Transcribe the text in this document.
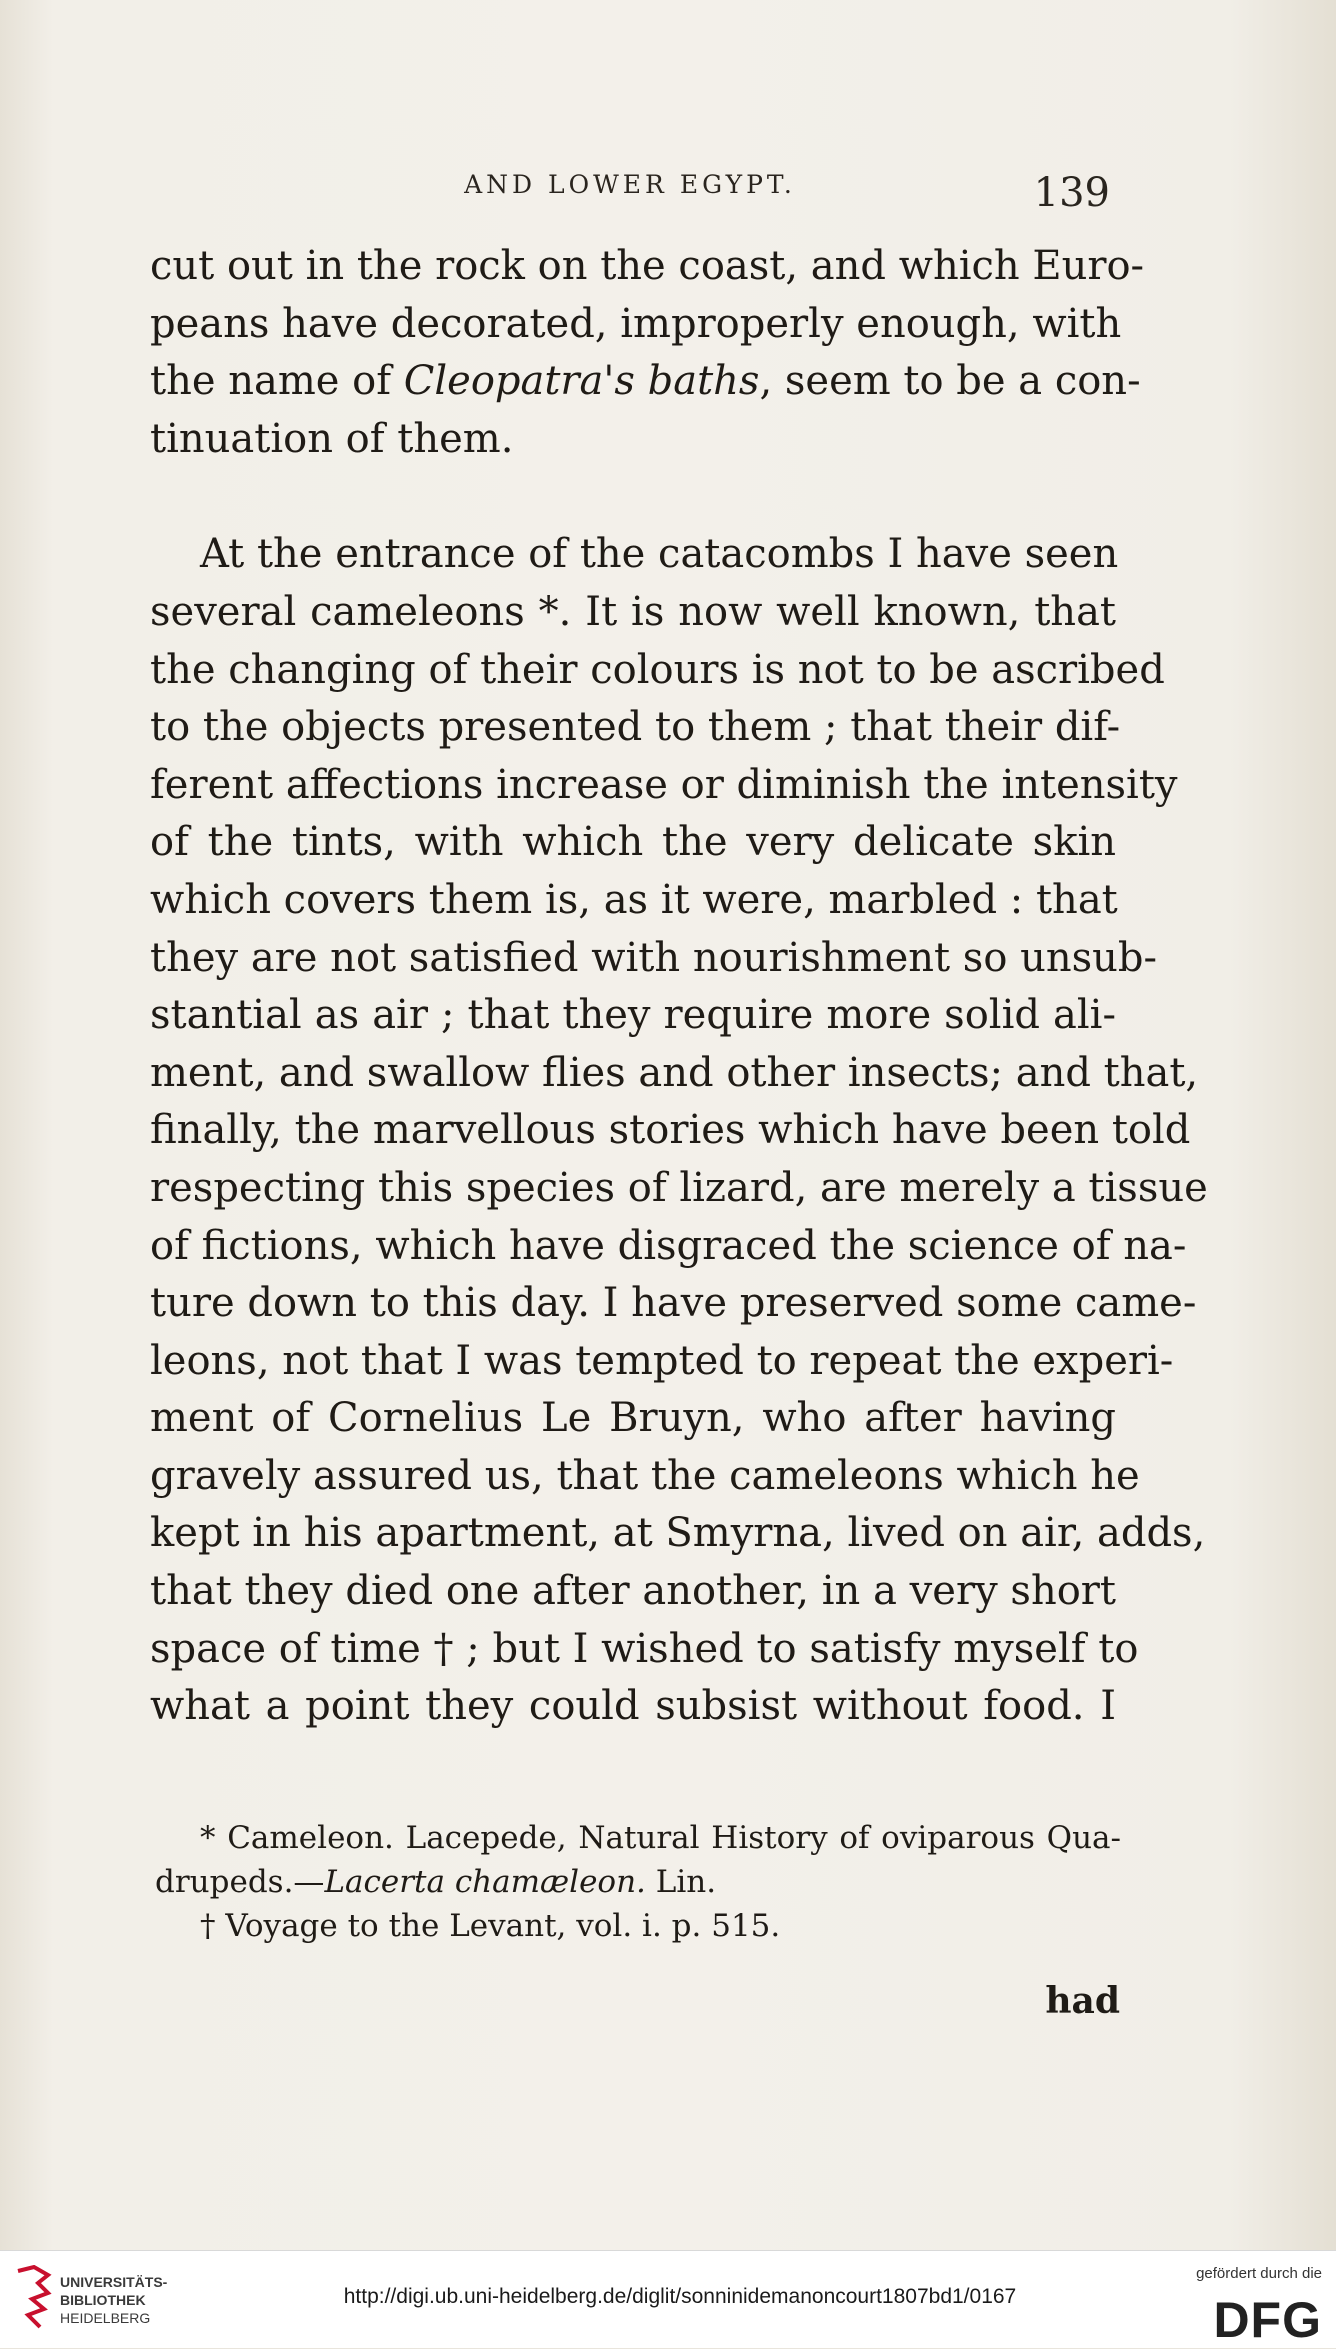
AND LOWER EGYPT.	139
cut out in the rock on the coast, and which Euro-
peans have decorated, improperly enough, with
the name of Cleopatra's baths, seem to be a con-
tinuation of them.
At the entrance of the catacombs I have seen
several cameleons *. It is now well known, that
the changing of their colours is not to be ascribed
to the objects presented to them ; that their dif-
ferent affections increase or diminish the intensity
of the tints, with which the very delicate skin
which covers them is, as it were, marbled : that
they are not satisfied with nourishment so unsub-
stantial as air ; that they require more solid ali-
ment, and swallow flies and other insects; and that,
finally, the marvellous stories which have been told
respecting this species of lizard, are merely a tissue
of fictions, which have disgraced the science of na-
ture down to this day. I have preserved some came-
leons, not that I was tempted to repeat the experi-
ment of Cornelius Le Bruyn, who after having
gravely assured us, that the cameleons which he
kept in his apartment, at Smyrna, lived on air, adds,
that they died one after another, in a very short
space of time † ; but I wished to satisfy myself to
what a point they could subsist without food. I
* Cameleon. Lacepede, Natural History of oviparous Qua-
drupeds.—Lacerta chamæleon. Lin.
† Voyage to the Levant, vol. i. p. 515.
had
UNIVERSITÄTS-
BIBLIOTHEK
HEIDELBERG
http://digi.ub.uni-heidelberg.de/diglit/sonninidemanoncourt1807bd1/0167
gefördert durch die
DFG
